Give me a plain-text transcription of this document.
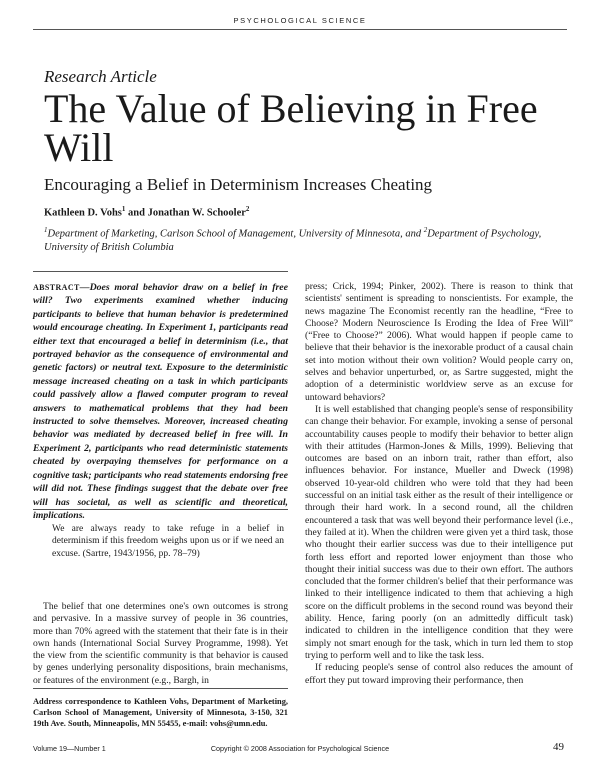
PSYCHOLOGICAL SCIENCE
Research Article
The Value of Believing in Free Will
Encouraging a Belief in Determinism Increases Cheating
Kathleen D. Vohs$^1$ and Jonathan W. Schooler$^2$
$^1$Department of Marketing, Carlson School of Management, University of Minnesota, and $^2$Department of Psychology, University of British Columbia
ABSTRACT—Does moral behavior draw on a belief in free will? Two experiments examined whether inducing participants to believe that human behavior is predetermined would encourage cheating. In Experiment 1, participants read either text that encouraged a belief in determinism (i.e., that portrayed behavior as the consequence of environmental and genetic factors) or neutral text. Exposure to the deterministic message increased cheating on a task in which participants could passively allow a flawed computer program to reveal answers to mathematical problems that they had been instructed to solve themselves. Moreover, increased cheating behavior was mediated by decreased belief in free will. In Experiment 2, participants who read deterministic statements cheated by overpaying themselves for performance on a cognitive task; participants who read statements endorsing free will did not. These findings suggest that the debate over free will has societal, as well as scientific and theoretical, implications.
We are always ready to take refuge in a belief in determinism if this freedom weighs upon us or if we need an excuse. (Sartre, 1943/1956, pp. 78–79)

The belief that one determines one's own outcomes is strong and pervasive. In a massive survey of people in 36 countries, more than 70% agreed with the statement that their fate is in their own hands (International Social Survey Programme, 1998). Yet the view from the scientific community is that behavior is caused by genes underlying personality dispositions, brain mechanisms, or features of the environment (e.g., Bargh, in

Address correspondence to Kathleen Vohs, Department of Marketing, Carlson School of Management, University of Minnesota, 3-150, 321 19th Ave. South, Minneapolis, MN 55455, e-mail: vohs@umn.edu.

press; Crick, 1994; Pinker, 2002). There is reason to think that scientists' sentiment is spreading to nonscientists. For example, the news magazine The Economist recently ran the headline, “Free to Choose? Modern Neuroscience Is Eroding the Idea of Free Will” (“Free to Choose?” 2006). What would happen if people came to believe that their behavior is the inexorable product of a causal chain set into motion without their own volition? Would people carry on, selves and behavior unperturbed, or, as Sartre suggested, might the adoption of a deterministic worldview serve as an excuse for untoward behaviors?

It is well established that changing people's sense of responsibility can change their behavior. For example, invoking a sense of personal accountability causes people to modify their behavior to better align with their attitudes (Harmon-Jones & Mills, 1999). Believing that outcomes are based on an inborn trait, rather than effort, also influences behavior. For instance, Mueller and Dweck (1998) observed 10-year-old children who were told that they had been successful on an initial task either as the result of their intelligence or through their hard work. In a second round, all the children encountered a task that was well beyond their performance level (i.e., they failed at it). When the children were given yet a third task, those who thought their earlier success was due to their intelligence put forth less effort and reported lower enjoyment than those who thought their initial success was due to their own effort. The authors concluded that the former children's belief that their performance was linked to their intelligence indicated to them that achieving a high score on the difficult problems in the second round was beyond their ability. Hence, faring poorly (on an admittedly difficult task) indicated to children in the intelligence condition that they were simply not smart enough for the task, which in turn led them to stop trying to perform well and to like the task less.

If reducing people's sense of control also reduces the amount of effort they put toward improving their performance, then

Volume 19—Number 1	Copyright © 2008 Association for Psychological Science	49
